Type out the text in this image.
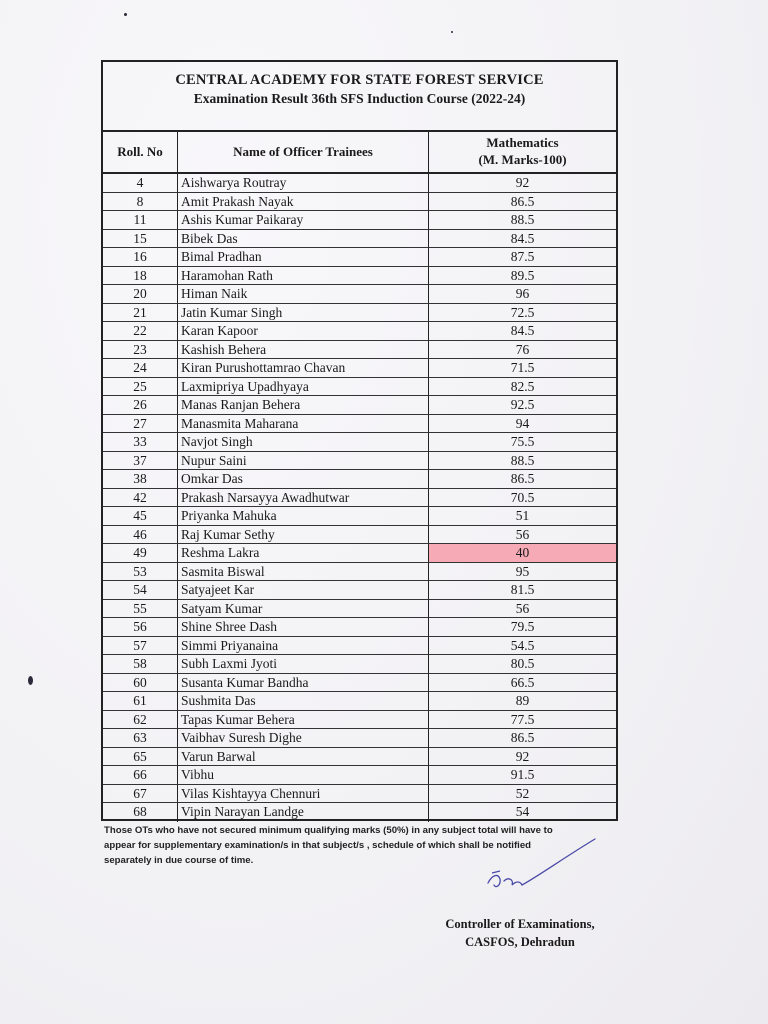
CENTRAL ACADEMY FOR STATE FOREST SERVICE
Examination Result 36th SFS Induction Course (2022-24)
Roll. No	Name of Officer Trainees
Mathematics
(M. Marks-100)
4	Aishwarya Routray	92
8	Amit Prakash Nayak	86.5
11	Ashis Kumar Paikaray	88.5
15	Bibek Das	84.5
16	Bimal Pradhan	87.5
18	Haramohan Rath	89.5
20	Himan Naik	96
21	Jatin Kumar Singh	72.5
22	Karan Kapoor	84.5
23	Kashish Behera	76
24	Kiran Purushottamrao Chavan	71.5
25	Laxmipriya Upadhyaya	82.5
26	Manas Ranjan Behera	92.5
27	Manasmita Maharana	94
33	Navjot Singh	75.5
37	Nupur Saini	88.5
38	Omkar Das	86.5
42	Prakash Narsayya Awadhutwar	70.5
45	Priyanka Mahuka	51
46	Raj Kumar Sethy	56
49	Reshma Lakra	40
53	Sasmita Biswal	95
54	Satyajeet Kar	81.5
55	Satyam Kumar	56
56	Shine Shree Dash	79.5
57	Simmi Priyanaina	54.5
58	Subh Laxmi Jyoti	80.5
60	Susanta Kumar Bandha	66.5
61	Sushmita Das	89
62	Tapas Kumar Behera	77.5
63	Vaibhav Suresh Dighe	86.5
65	Varun Barwal	92
66	Vibhu	91.5
67	Vilas Kishtayya Chennuri	52
68	Vipin Narayan Landge	54
Those OTs who have not secured minimum qualifying marks (50%) in any subject total will have to
appear for supplementary examination/s in that subject/s , schedule of which shall be notified
separately in due course of time.
Controller of Examinations,
CASFOS, Dehradun
